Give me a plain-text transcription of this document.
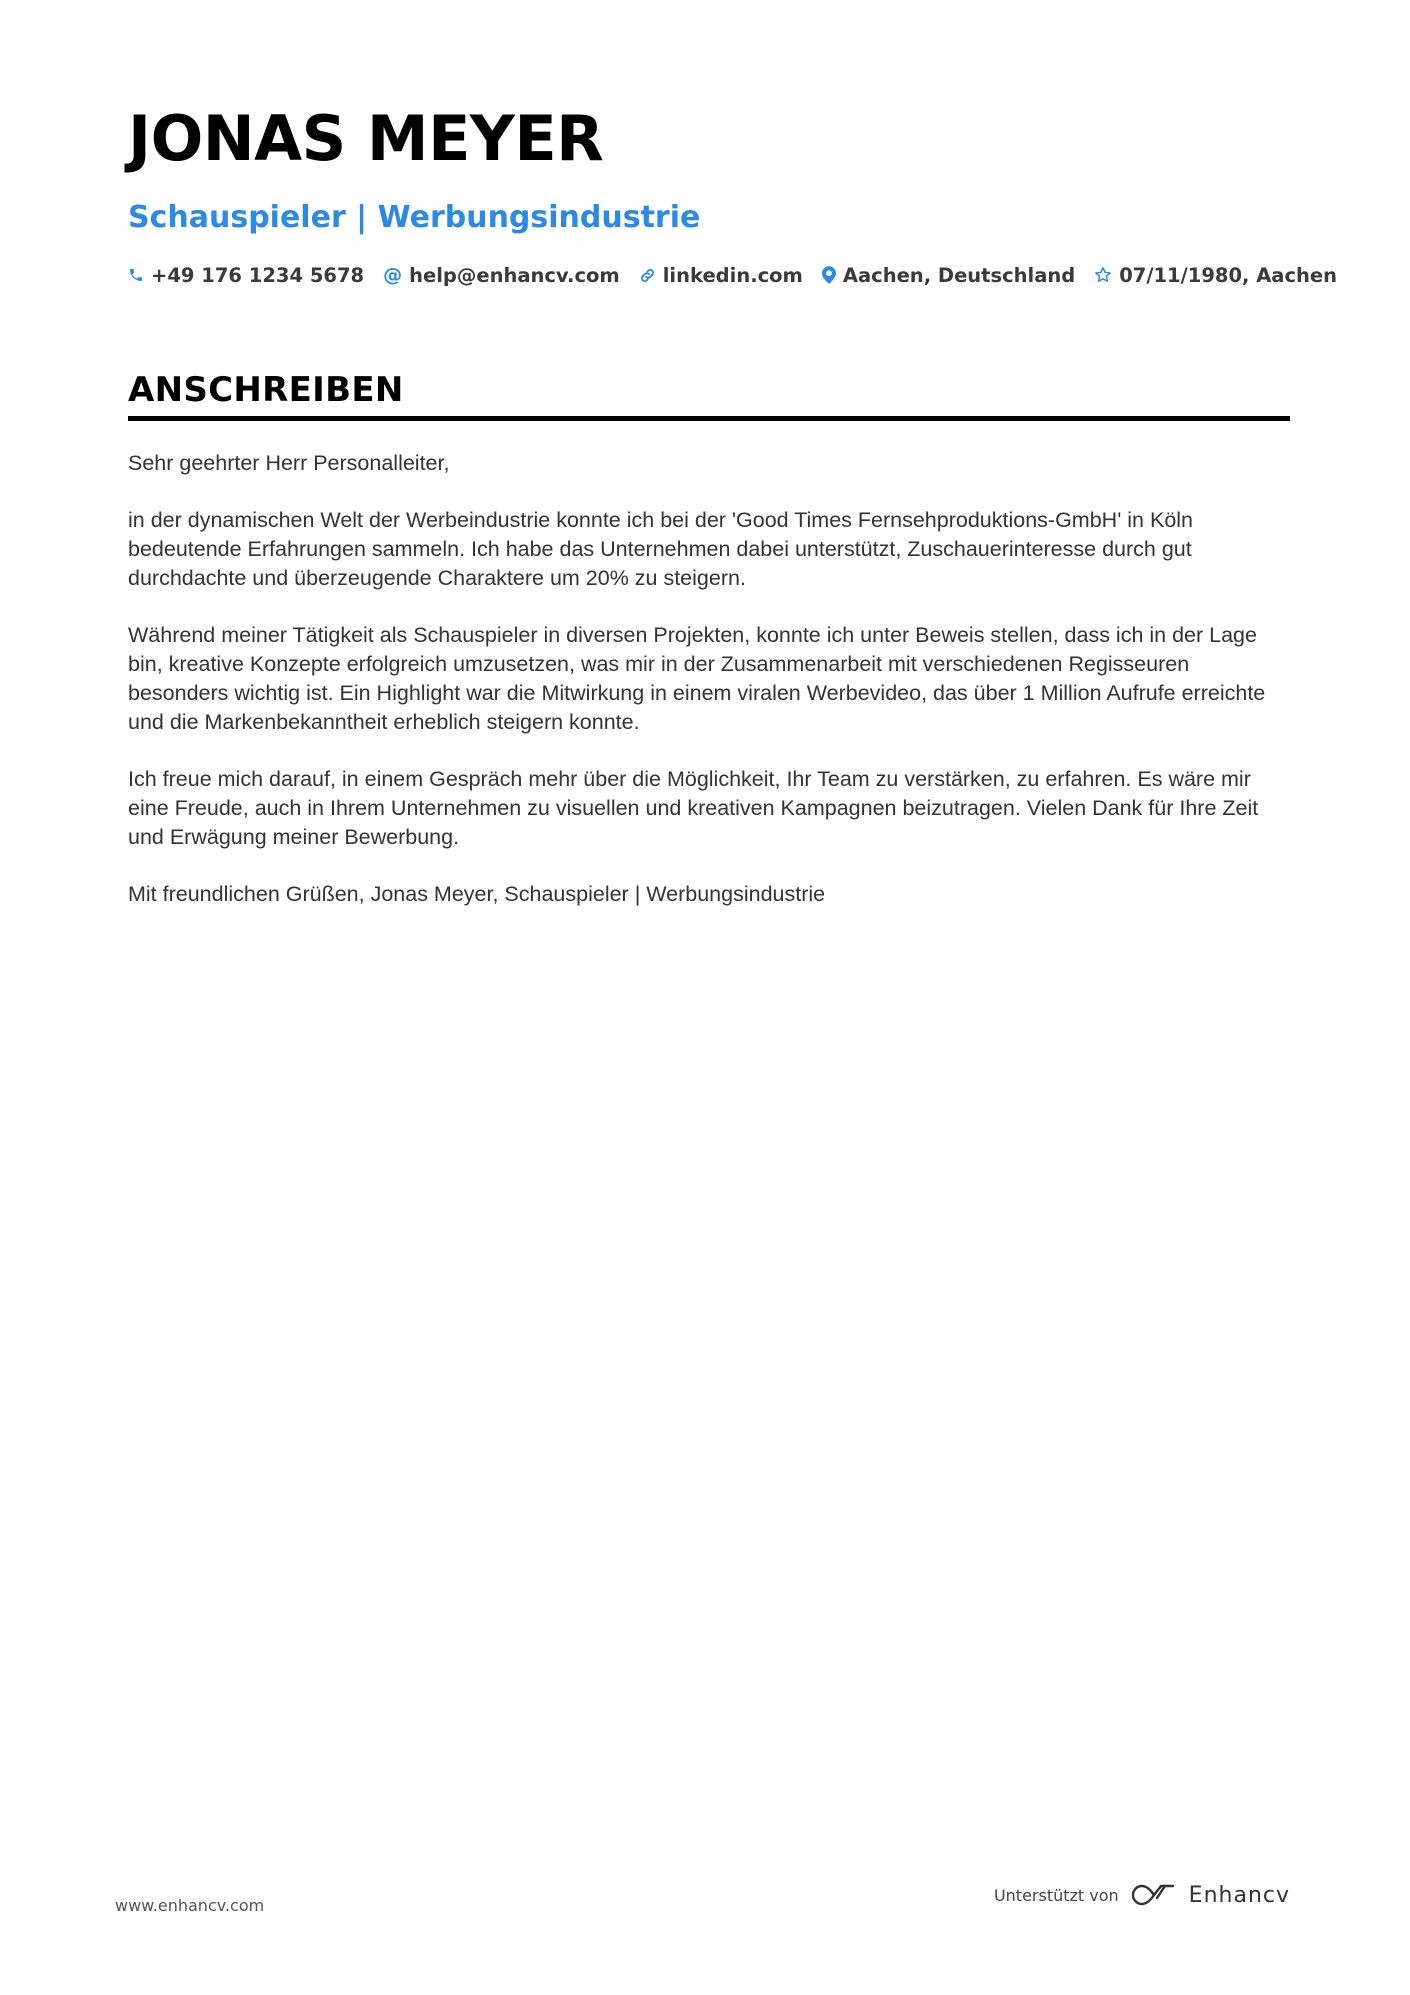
JONAS MEYER
Schauspieler | Werbungsindustrie
+49 176 1234 5678 @ help@enhancv.com linkedin.com Aachen, Deutschland 07/11/1980, Aachen
ANSCHREIBEN

Sehr geehrter Herr Personalleiter,

in der dynamischen Welt der Werbeindustrie konnte ich bei der 'Good Times Fernsehproduktions-GmbH' in Köln bedeutende Erfahrungen sammeln. Ich habe das Unternehmen dabei unterstützt, Zuschauerinteresse durch gut durchdachte und überzeugende Charaktere um 20% zu steigern.

Während meiner Tätigkeit als Schauspieler in diversen Projekten, konnte ich unter Beweis stellen, dass ich in der Lage bin, kreative Konzepte erfolgreich umzusetzen, was mir in der Zusammenarbeit mit verschiedenen Regisseuren besonders wichtig ist. Ein Highlight war die Mitwirkung in einem viralen Werbevideo, das über 1 Million Aufrufe erreichte und die Markenbekanntheit erheblich steigern konnte.

Ich freue mich darauf, in einem Gespräch mehr über die Möglichkeit, Ihr Team zu verstärken, zu erfahren. Es wäre mir eine Freude, auch in Ihrem Unternehmen zu visuellen und kreativen Kampagnen beizutragen. Vielen Dank für Ihre Zeit und Erwägung meiner Bewerbung.

Mit freundlichen Grüßen, Jonas Meyer, Schauspieler | Werbungsindustrie

www.enhancv.com
Unterstützt von	Enhancv
